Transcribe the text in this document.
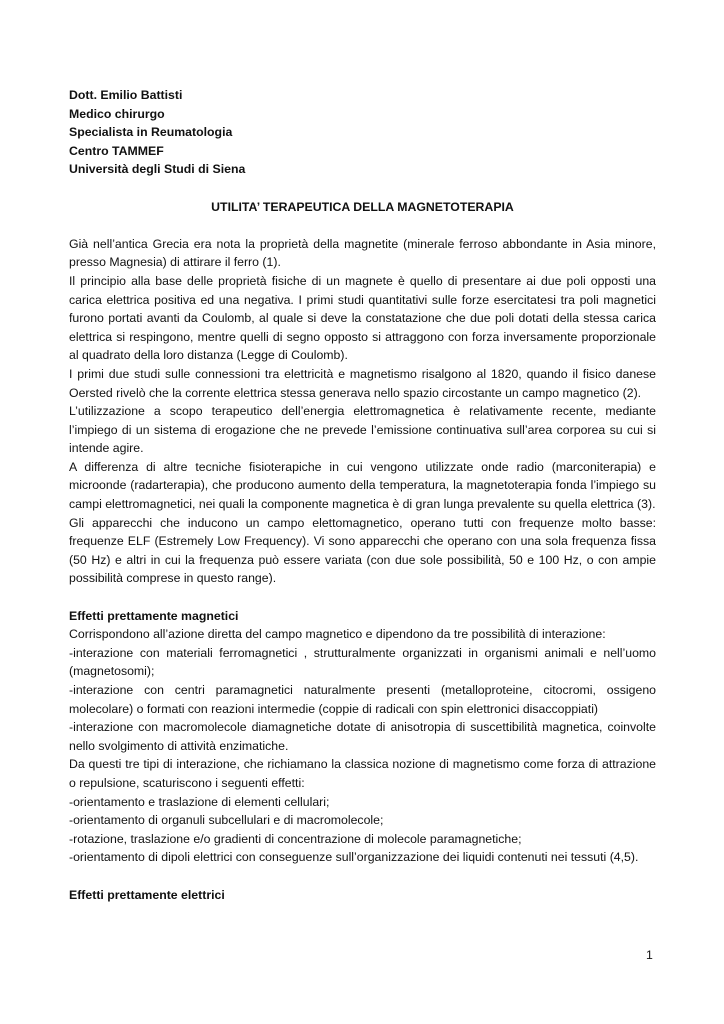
Dott. Emilio Battisti
Medico chirurgo
Specialista in Reumatologia
Centro TAMMEF
Università degli Studi di Siena
UTILITA’ TERAPEUTICA DELLA MAGNETOTERAPIA

Già nell’antica Grecia era nota la proprietà della magnetite (minerale ferroso abbondante in Asia minore, presso Magnesia) di attirare il ferro (1).

Il principio alla base delle proprietà fisiche di un magnete è quello di presentare ai due poli opposti una carica elettrica positiva ed una negativa. I primi studi quantitativi sulle forze esercitatesi tra poli magnetici furono portati avanti da Coulomb, al quale si deve la constatazione che due poli dotati della stessa carica elettrica si respingono, mentre quelli di segno opposto si attraggono con forza inversamente proporzionale al quadrato della loro distanza (Legge di Coulomb).

I primi due studi sulle connessioni tra elettricità e magnetismo risalgono al 1820, quando il fisico danese Oersted rivelò che la corrente elettrica stessa generava nello spazio circostante un campo magnetico (2).

L’utilizzazione a scopo terapeutico dell’energia elettromagnetica è relativamente recente, mediante l’impiego di un sistema di erogazione che ne prevede l’emissione continuativa sull’area corporea su cui si intende agire.

A differenza di altre tecniche fisioterapiche in cui vengono utilizzate onde radio (marconiterapia) e microonde (radarterapia), che producono aumento della temperatura, la magnetoterapia fonda l’impiego su campi elettromagnetici, nei quali la componente magnetica è di gran lunga prevalente su quella elettrica (3).

Gli apparecchi che inducono un campo elettomagnetico, operano tutti con frequenze molto basse: frequenze ELF (Estremely Low Frequency). Vi sono apparecchi che operano con una sola frequenza fissa (50 Hz) e altri in cui la frequenza può essere variata (con due sole possibilità, 50 e 100 Hz, o con ampie possibilità comprese in questo range).

Effetti prettamente magnetici

Corrispondono all’azione diretta del campo magnetico e dipendono da tre possibilità di interazione:

-interazione con materiali ferromagnetici , strutturalmente organizzati in organismi animali e nell’uomo (magnetosomi);

-interazione con centri paramagnetici naturalmente presenti (metalloproteine, citocromi, ossigeno molecolare) o formati con reazioni intermedie (coppie di radicali con spin elettronici disaccoppiati)

-interazione con macromolecole diamagnetiche dotate di anisotropia di suscettibilità magnetica, coinvolte nello svolgimento di attività enzimatiche.

Da questi tre tipi di interazione, che richiamano la classica nozione di magnetismo come forza di attrazione o repulsione, scaturiscono i seguenti effetti:

-orientamento e traslazione di elementi cellulari;

-orientamento di organuli subcellulari e di macromolecole;

-rotazione, traslazione e/o gradienti di concentrazione di molecole paramagnetiche;

-orientamento di dipoli elettrici con conseguenze sull’organizzazione dei liquidi contenuti nei tessuti (4,5).

Effetti prettamente elettrici
1
